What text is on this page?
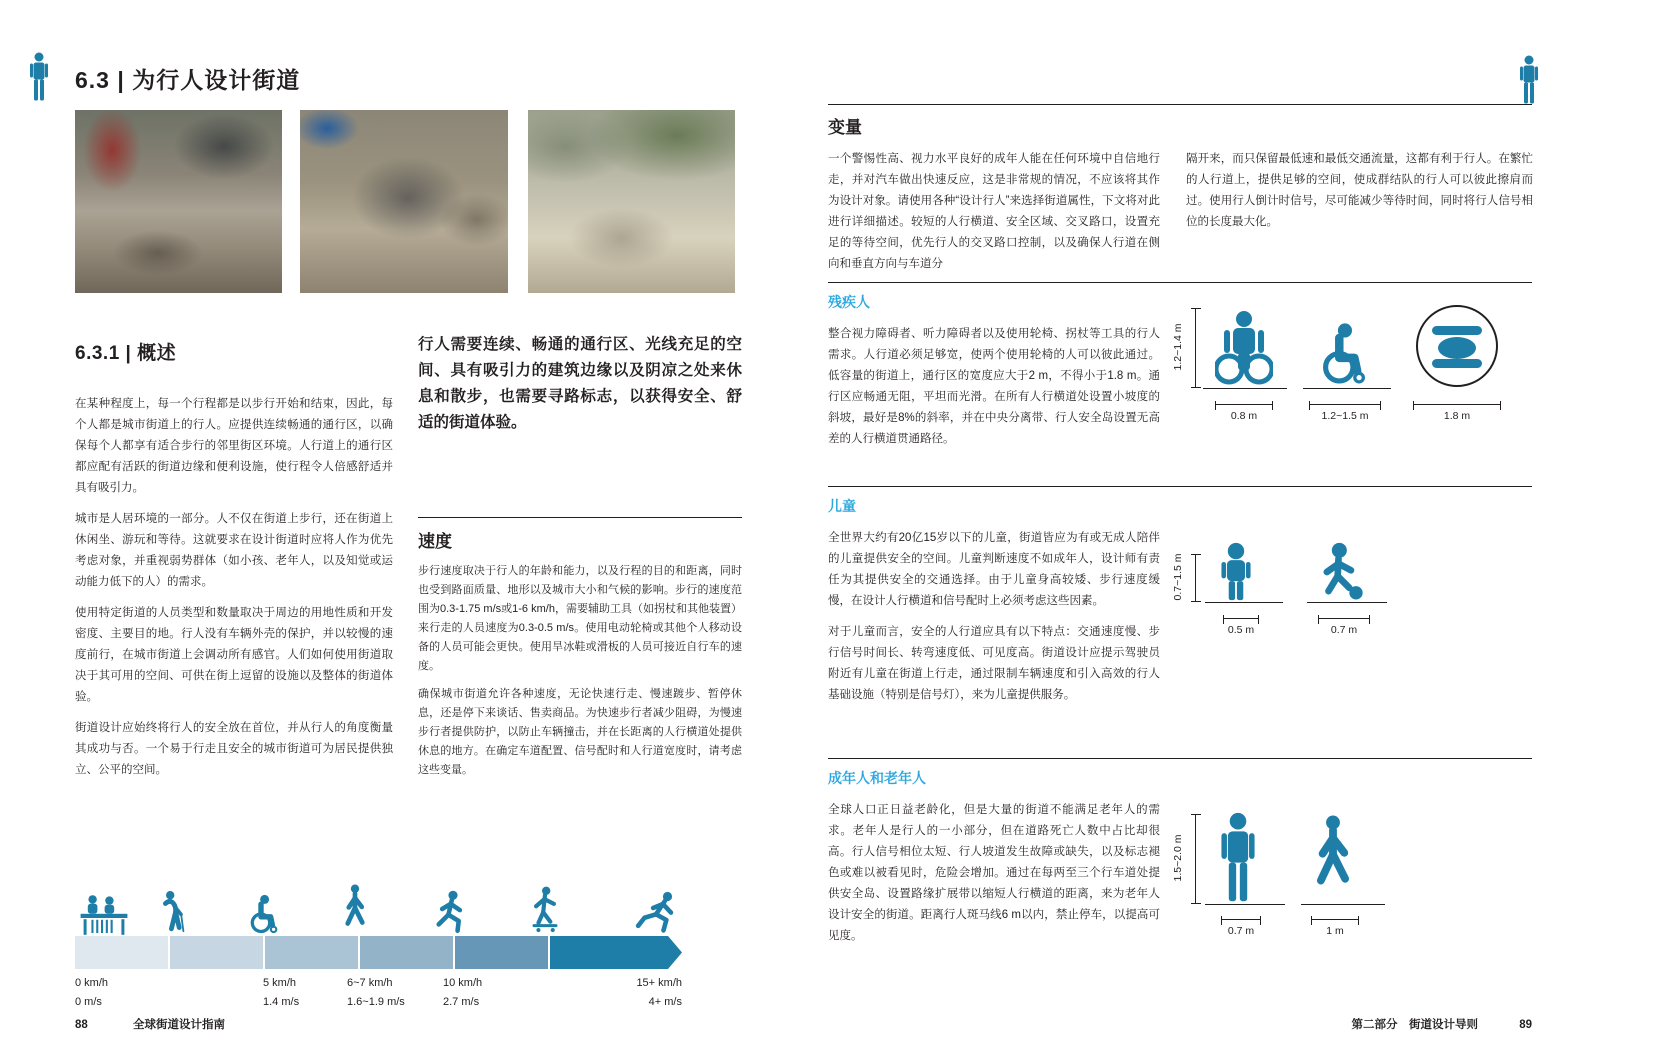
6.3 | 为行人设计街道
6.3.1 | 概述

在某种程度上，每一个行程都是以步行开始和结束，因此，每个人都是城市街道上的行人。应提供连续畅通的通行区，以确保每个人都享有适合步行的邻里街区环境。人行道上的通行区都应配有活跃的街道边缘和便利设施，使行程令人倍感舒适并具有吸引力。

城市是人居环境的一部分。人不仅在街道上步行，还在街道上休闲坐、游玩和等待。这就要求在设计街道时应将人作为优先考虑对象，并重视弱势群体（如小孩、老年人，以及知觉或运动能力低下的人）的需求。

使用特定街道的人员类型和数量取决于周边的用地性质和开发密度、主要目的地。行人没有车辆外壳的保护，并以较慢的速度前行，在城市街道上会调动所有感官。人们如何使用街道取决于其可用的空间、可供在街上逗留的设施以及整体的街道体验。

街道设计应始终将行人的安全放在首位，并从行人的角度衡量其成功与否。一个易于行走且安全的城市街道可为居民提供独立、公平的空间。

行人需要连续、畅通的通行区、光线充足的空间、具有吸引力的建筑边缘以及阴凉之处来休息和散步，也需要寻路标志，以获得安全、舒适的街道体验。
速度

步行速度取决于行人的年龄和能力，以及行程的目的和距离，同时也受到路面质量、地形以及城市大小和气候的影响。步行的速度范围为0.3-1.75 m/s或1-6 km/h，需要辅助工具（如拐杖和其他装置）来行走的人员速度为0.3-0.5 m/s。使用电动轮椅或其他个人移动设备的人员可能会更快。使用旱冰鞋或滑板的人员可接近自行车的速度。

确保城市街道允许各种速度，无论快速行走、慢速踱步、暂停休息，还是停下来谈话、售卖商品。为快速步行者减少阻碍，为慢速步行者提供防护，以防止车辆撞击，并在长距离的人行横道处提供休息的地方。在确定车道配置、信号配时和人行道宽度时，请考虑这些变量。

0 km/h
0 m/s
5 km/h
1.4 m/s
6~7 km/h
1.6~1.9 m/s
10 km/h
2.7 m/s
15+ km/h
4+ m/s
88	全球街道设计指南
变量
一个警惕性高、视力水平良好的成年人能在任何环境中自信地行走，并对汽车做出快速反应，这是非常规的情况，不应该将其作为设计对象。请使用各种“设计行人”来选择街道属性，下文将对此进行详细描述。较短的人行横道、安全区域、交叉路口，设置充足的等待空间，优先行人的交叉路口控制，以及确保人行道在侧向和垂直方向与车道分
隔开来，而只保留最低速和最低交通流量，这都有利于行人。在繁忙的人行道上，提供足够的空间，使成群结队的行人可以彼此擦肩而过。使用行人倒计时信号，尽可能减少等待时间，同时将行人信号相位的长度最大化。
残疾人
整合视力障碍者、听力障碍者以及使用轮椅、拐杖等工具的行人需求。人行道必须足够宽，使两个使用轮椅的人可以彼此通过。低容量的街道上，通行区的宽度应大于2 m，不得小于1.8 m。通行区应畅通无阻，平坦而光滑。在所有人行横道处设置小坡度的斜坡，最好是8%的斜率，并在中央分离带、行人安全岛设置无高差的人行横道贯通路径。
1.2~1.4 m
0.8 m	1.2~1.5 m	1.8 m
儿童

全世界大约有20亿15岁以下的儿童，街道皆应为有或无成人陪伴的儿童提供安全的空间。儿童判断速度不如成年人，设计师有责任为其提供安全的交通选择。由于儿童身高较矮、步行速度缓慢，在设计人行横道和信号配时上必须考虑这些因素。

对于儿童而言，安全的人行道应具有以下特点：交通速度慢、步行信号时间长、转弯速度低、可见度高。街道设计应提示驾驶员附近有儿童在街道上行走，通过限制车辆速度和引入高效的行人基础设施（特别是信号灯），来为儿童提供服务。

0.7~1.5 m
0.5 m	0.7 m
成年人和老年人
全球人口正日益老龄化，但是大量的街道不能满足老年人的需求。老年人是行人的一小部分，但在道路死亡人数中占比却很高。行人信号相位太短、行人坡道发生故障或缺失，以及标志褪色或难以被看见时，危险会增加。通过在每两至三个行车道处提供安全岛、设置路缘扩展带以缩短人行横道的距离，来为老年人设计安全的街道。距离行人斑马线6 m以内，禁止停车，以提高可见度。
1.5~2.0 m
0.7 m	1 m
第二部分　街道设计导则	89
